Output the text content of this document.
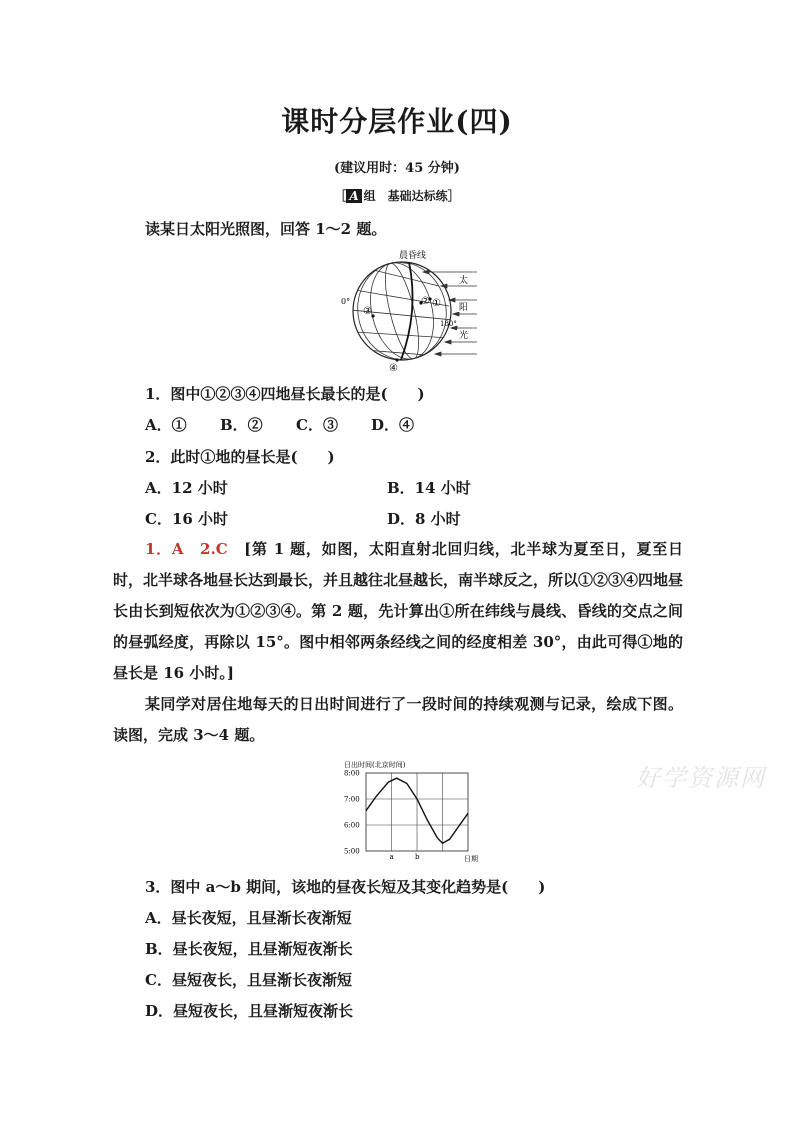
课时分层作业(四)
(建议用时：45 分钟)
［ A 组　基础达标练］
读某日太阳光照图，回答 1～2 题。
晨昏线
0°
180°
太
阳
光
①
②
③
④
1．图中①②③④四地昼长最长的是(　　)
A．① B．② C．③ D．④
2．此时①地的昼长是(　　)
A．12 小时	B．14 小时
C．16 小时	D．8 小时
1．A　2.C　 [第 1 题，如图，太阳直射北回归线，北半球为夏至日，夏至日时，北半球各地昼长达到最长，并且越往北昼越长，南半球反之，所以①②③④四地昼长由长到短依次为①②③④。第 2 题，先计算出①所在纬线与晨线、昏线的交点之间的昼弧经度，再除以 15°。图中相邻两条经线之间的经度相差 30°，由此可得①地的昼长是 16 小时。]
某同学对居住地每天的日出时间进行了一段时间的持续观测与记录，绘成下图。读图，完成 3～4 题。
日出时间(北京时间)
8:00
7:00
6:00
5:00
a	b	日期
3．图中 a～b 期间，该地的昼夜长短及其变化趋势是(　　)
A．昼长夜短，且昼渐长夜渐短
B．昼长夜短，且昼渐短夜渐长
C．昼短夜长，且昼渐长夜渐短
D．昼短夜长，且昼渐短夜渐长
好学资源网
